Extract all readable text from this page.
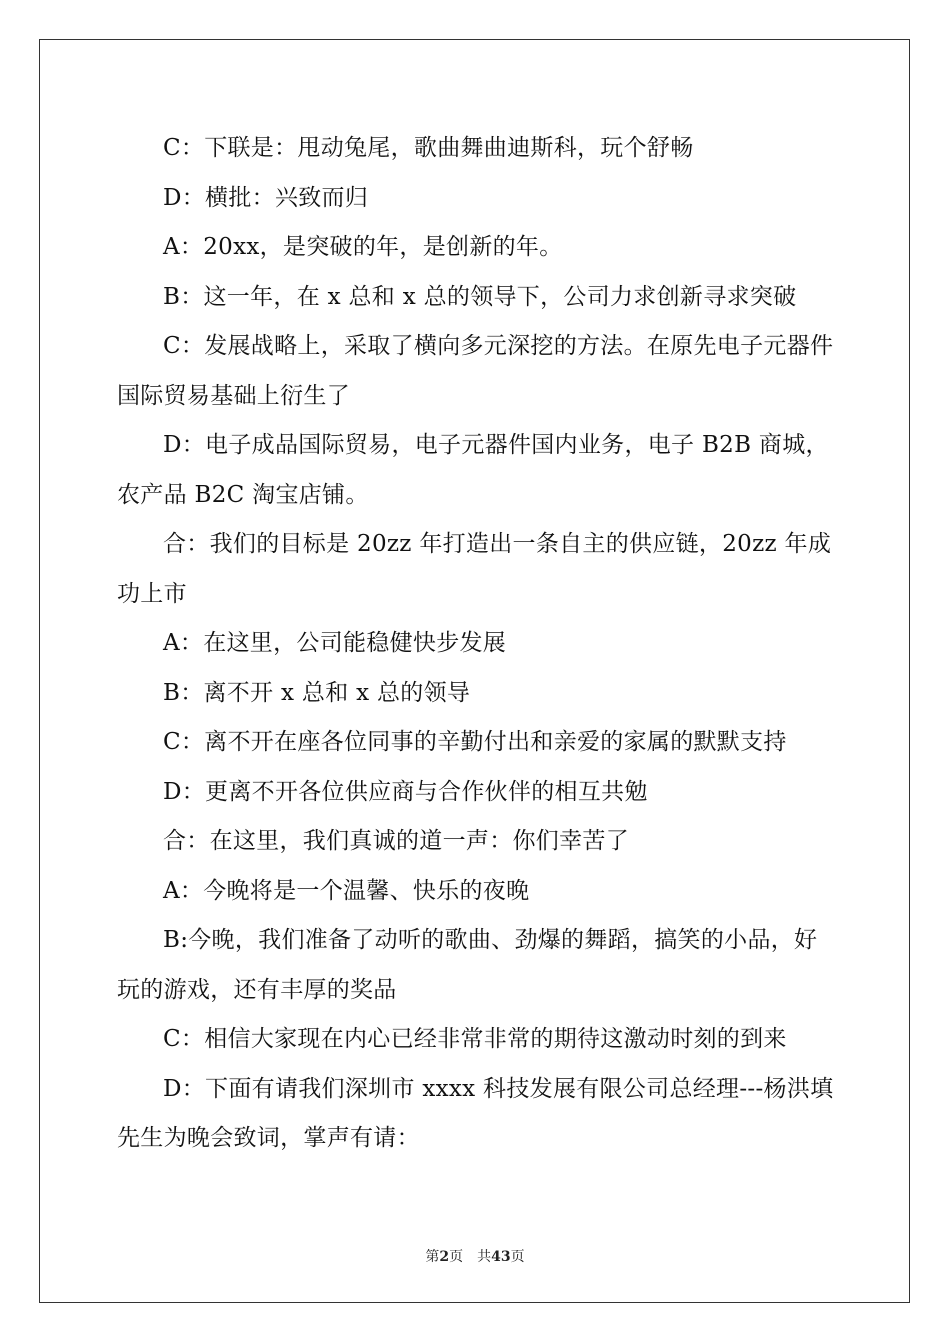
C：下联是：甩动兔尾，歌曲舞曲迪斯科，玩个舒畅

D：横批：兴致而归

A：20xx，是突破的年，是创新的年。

B：这一年，在 x 总和 x 总的领导下，公司力求创新寻求突破

C：发展战略上，采取了横向多元深挖的方法。在原先电子元器件国际贸易基础上衍生了

D：电子成品国际贸易，电子元器件国内业务，电子 B2B 商城，农产品 B2C 淘宝店铺。

合：我们的目标是 20zz 年打造出一条自主的供应链，20zz 年成功上市

A：在这里，公司能稳健快步发展

B：离不开 x 总和 x 总的领导

C：离不开在座各位同事的辛勤付出和亲爱的家属的默默支持

D：更离不开各位供应商与合作伙伴的相互共勉

合：在这里，我们真诚的道一声：你们幸苦了

A：今晚将是一个温馨、快乐的夜晚

B:今晚，我们准备了动听的歌曲、劲爆的舞蹈，搞笑的小品，好玩的游戏，还有丰厚的奖品

C：相信大家现在内心已经非常非常的期待这激动时刻的到来

D：下面有请我们深圳市 xxxx 科技发展有限公司总经理---杨洪填先生为晚会致词，掌声有请：

第2页 共43页
